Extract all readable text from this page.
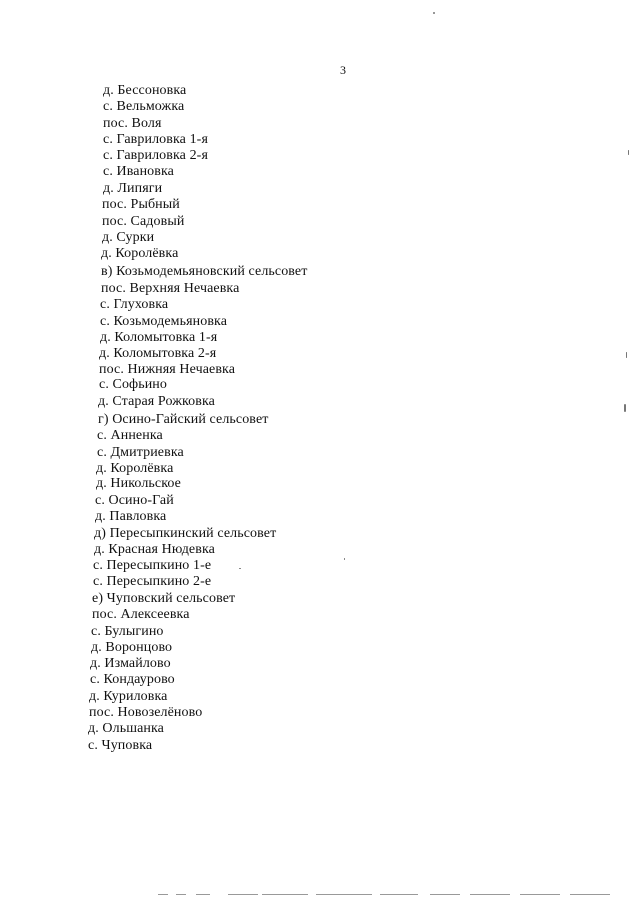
3
д. Бессоновка
с. Вельможка
пос. Воля
с. Гавриловка 1-я
с. Гавриловка 2-я
с. Ивановка
д. Липяги
пос. Рыбный
пос. Садовый
д. Сурки
д. Королёвка
в) Козьмодемьяновский сельсовет
пос. Верхняя Нечаевка
с. Глуховка
с. Козьмодемьяновка
д. Коломытовка 1-я
д. Коломытовка 2-я
пос. Нижняя Нечаевка
с. Софьино
д. Старая Рожковка
г) Осино-Гайский сельсовет
с. Анненка
с. Дмитриевка
д. Королёвка
д. Никольское
с. Осино-Гай
д. Павловка
д) Пересыпкинский сельсовет
д. Красная Нюдевка
с. Пересыпкино 1-е
с. Пересыпкино 2-е
е) Чуповский сельсовет
пос. Алексеевка
с. Булыгино
д. Воронцово
д. Измайлово
с. Кондаурово
д. Куриловка
пос. Новозелёново
д. Ольшанка
с. Чуповка
